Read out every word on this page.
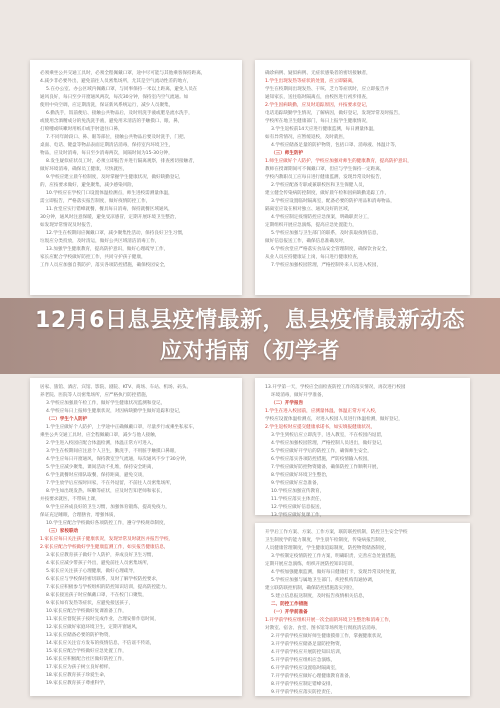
必须乘坐公共交通工具时，必须全程佩戴口罩，途中尽可能与其他乘客保持距离，
4.减少非必要外出，避免前往人员密集场所，尤其是空气流动性差的地方，
5.在办公室、办公区域内佩戴口罩，与同事保持一米以上距离，避免人员在
通风良好，每日至少开窗通风两次，每次30分钟，保持室内空气流通。如
使用中央空调，应定期清洗，保证新风系统运行，减少人员聚集，
6.勤洗手，饭前便后、接触公共物品后，及时用洗手液或肥皂流水洗手，
或使用含酒精成分的免洗洗手液，避免用未清洁的手触摸口、眼、鼻，
打喷嚏或咳嗽时用纸巾或手肘遮住口鼻，
7.不同年龄段口、鼻、眼等部位，接触公共物品后要及时洗手，门把、
桌面、电话、键盘等物品表面定期清洁消毒，保持室内环境卫生，
物品，应及时消毒，每日至少消毒两次，间隔时间为15-30分钟，
8.发生疑似症状员工时，必须立即报告并进行隔离观察，排查密切接触者，
做好环境消毒，确保员工健康，尽快就医，
9.学校应建立晨午检制度，及时掌握学生健康状况，做好缺勤登记，
的，应按要求做好，避免聚集，减少感染风险，
10.学校应在学校门口设置体温检测点，师生进校需测量体温，
需立即报告，严格落实报告制度，做好疫情防控工作，
11.食堂应实行错峰就餐，餐具每日消毒，保持就餐区域通风，
30分钟，通风时注意保暖，避免受凉感冒，定期开展环境卫生整治，
如发现异常情况及时报告，
12.学生在校期间应佩戴口罩，减少聚集性活动，保持良好卫生习惯，
垃圾应分类投放，及时清运，做好公共区域清洁消毒工作，
13.加强学生健康教育，提高防护意识，做好心理疏导工作，
家长应配合学校做好防控工作，共同守护孩子健康，
工作人员应加强自我防护，落实各项防控措施，确保校园安全，
确诊病例、疑似病例、无症状感染者的密切接触者，
1.学生出现发热等症状的处置，应立即隔离，
学生在校期间出现发热、干咳、乏力等症状时，应立即报告并
通知家长，送往临时隔离点，由校医进行初步排查，
2.学生因病缺勤，应及时追踪原因，并按要求登记，
电话追踪缺勤学生情况，了解病因，做好登记，发现异常及时报告，
学校所在地卫生健康部门，每日上报学生健康情况，
3.学生返校前14天应进行健康监测，每日测量体温，
如有异常情况，应暂缓返校，及时就医，
4.学校应储备足量的防护物资，包括口罩、消毒液、体温计等，
（三）师生防护
1.师生应做好个人防护，学校应加强对师生的健康教育，提高防护意识，
教师在授课期间可不佩戴口罩，但应与学生保持一定距离，
学校内教职员工应每日进行健康监测，发现异常及时报告，
2.学校应配备专职或兼职校医和卫生保健人员，
建立健全传染病防控制度，做好晨午检和因病缺勤追踪工作，
3.学校应设置临时隔离室，配备必要的防护用品和消毒物品，
隔离室应设在相对独立、通风良好的区域，
4.学校应制定疫情防控应急预案，明确职责分工，
定期组织开展应急演练，提高应急处置能力，
5.学校应加强与卫生部门的联系，及时获取疫情信息，
做好信息报送工作，确保信息准确及时，
6.学校食堂应严格落实食品安全管理制度，确保饮食安全，
从业人员应持健康证上岗，每日进行健康检查，
7.学校应加强校园管理，严格控制外来人员进入校园，
12月6日息县疫情最新，息县疫情最新动态应对指南（初学者
居家、旅馆、酒店、宾馆、影院、剧院、KTV、商场、车站、机场、码头、
养老院、医院等人员密集场所，应严格执行防控措施，
3.学校应加强晨午检工作，做好学生健康状况监测和登记，
4.学校应每日上报师生健康状况，对因病缺勤学生做好追踪和登记，
（二）学生个人防护
1.学生应做好个人防护，上学途中正确佩戴口罩，尽量步行或乘坐私家车，
乘坐公共交通工具时，应全程佩戴口罩，减少与他人接触，
2.学生进入校园应配合体温检测，体温正常方可进入，
3.学生在校期间应注意个人卫生，勤洗手，不用脏手触摸口鼻眼，
4.学生应每日开窗通风，保持教室空气流通，每次通风不少于30分钟，
5.学生应减少聚集，课间活动不扎堆，保持安全距离，
6.学生就餐时应排队取餐，保持距离，避免交谈，
7.学生放学后应按时回家，不在外逗留，不前往人员密集场所，
8.学生如出现发热、咳嗽等症状，应及时告知老师和家长，
并按要求就医，不带病上课，
9.学生应养成良好的卫生习惯，加强体育锻炼，提高免疫力，
保证充足睡眠，合理膳食，增强体质，
10.学生应配合学校做好各项防控工作，遵守学校规章制度，
（三）家校联动
1.家长应每日关注孩子健康状况，发现异常及时就医并报告学校，
2.家长应配合学校做好学生健康监测工作，如实报告健康信息，
3.家长应教育孩子做好个人防护，养成良好卫生习惯，
4.家长应减少带孩子外出，避免前往人员密集场所，
5.家长应关注孩子心理健康，做好心理疏导，
6.家长应与学校保持密切联系，及时了解学校防控要求，
7.家长应积极参与学校组织的防控知识培训，提高防控能力，
8.家长接送孩子时应佩戴口罩，不在校门口聚集，
9.家长如有发热等症状，应避免接送孩子，
10.家长应配合学校做好复课准备工作，
11.家长应督促孩子按时完成作业，合理安排作息时间，
12.家长应做好家庭环境卫生，定期开窗通风，
13.家长应储备必要的防护物资，
14.家长应关注官方发布的疫情信息，不信谣不传谣，
15.家长应配合学校做好应急处置工作，
16.家长应积极配合社区做好防控工作，
17.家长应为孩子树立良好榜样，
18.家长应教育孩子珍爱生命，
19.家长应教育孩子尊重科学，
13.开学第一天，学校应全面检查防控工作的落实情况，再次进行校园
环境消毒，做好开学准备，
（二）开学报告
1.学生在进入校园前，应测量体温，体温正常方可入校，
学校应设置体温检测点，对进入校园人员进行体温检测，做好登记，
2.学生返校时应提交健康承诺书，如实填报健康状况，
3.学生到校后应立即洗手，进入教室，不在校园内逗留，
4.学校应加强校园管理，严格控制人员进出，做好登记，
5.学校应做好开学后的防控工作，确保师生安全，
6.学校应落实各项防控措施，严防疫情输入校园，
7.学校应做好防控物资储备，确保防控工作顺利开展，
8.学校应做好环境卫生整治，
9.学校应做好应急准备，
10.学校应加强宣传教育，
11.学校应落实主体责任，
12.学校应做好信息报送，
13.学校应做好复课工作，
开学后工作方案、方案、工作方案，联防联控机制，防控卫生安全学校
卫生制度学的能力制度，学生晨午检制度，传染病报告制度，
人员健康管理制度，学生健康追踪制度，防控物资储备制度，
3.学校制定疫情防控工作方案，明确职责，完善应急处置措施，
定期开展应急演练，组织开展防控知识培训，
4.学校加强健康监测，做好每日健康打卡，发现异常及时处置，
5.学校应加强与属地卫生部门、疾控机构沟通协调，
建立联防联控机制，确保防控措施落实到位，
5.建立信息报送制度，及时报告疫情相关信息，
二、防控工作措施
（一）开学前准备
1.开学前学校应组织开展一次全面的环境卫生整治和消毒工作，
对教室、宿舍、食堂、图书馆等场所进行彻底清洁消毒，
2.开学前学校应做好师生健康摸排工作，掌握健康状况，
3.开学前学校应储备足量防控物资，
4.开学前学校应开展防控知识培训，
5.开学前学校应组织应急演练，
6.开学前学校应设置临时隔离室，
7.开学前学校应做好心理健康教育准备，
8.开学前学校应制定错峰安排，
9.开学前学校应落实防控责任，
